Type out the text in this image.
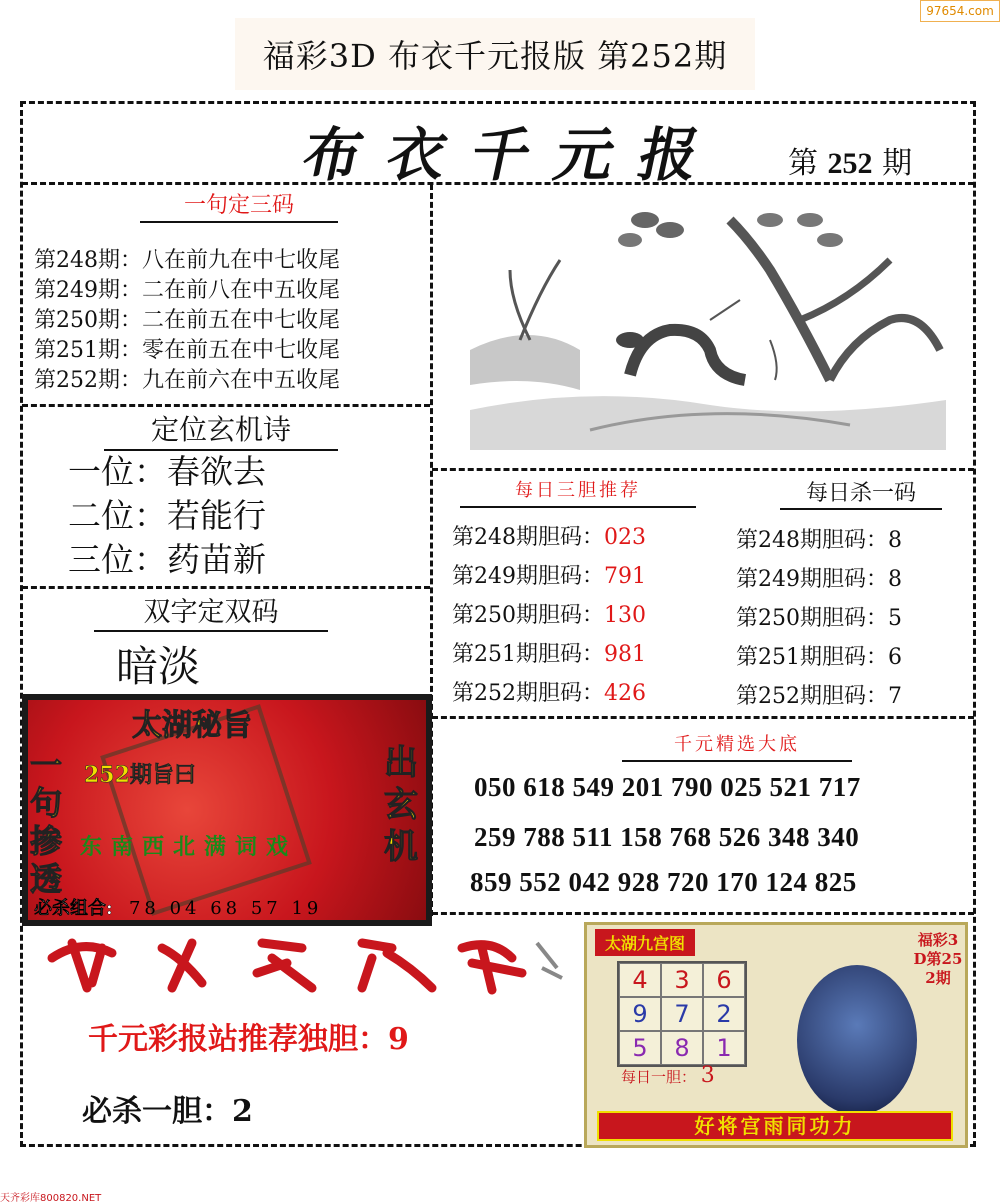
福彩3D 布衣千元报版 第252期
97654.com
布衣千元报 第 252 期
一句定三码
第248期：八在前九在中七收尾
第249期：二在前八在中五收尾
第250期：二在前五在中七收尾
第251期：零在前五在中七收尾
第252期：九在前六在中五收尾
定位玄机诗
一位：春欲去
二位：若能行
三位：药苗新
双字定双码
暗淡
每日三胆推荐
第248期胆码：023
第249期胆码：791
第250期胆码：130
第251期胆码：981
第252期胆码：426
每日杀一码
第248期胆码：8
第249期胆码：8
第250期胆码：5
第251期胆码：6
第252期胆码：7
千元精选大底
050 618 549 201 790 025 521 717
259 788 511 158 768 526 348 340
859 552 042 928 720 170 124 825
太湖秘旨
252期旨曰
一句掺透
出玄机
东南西北满词戏
必杀组合: 78 04 68 57 19
千元彩报站推荐独胆：9
必杀一胆：2
太湖九宫图
4	3	6
9	7	2
5	8	1
福彩3D第252期
每日一胆： 3
好将宫雨同功力
天齐彩库800820.NET
